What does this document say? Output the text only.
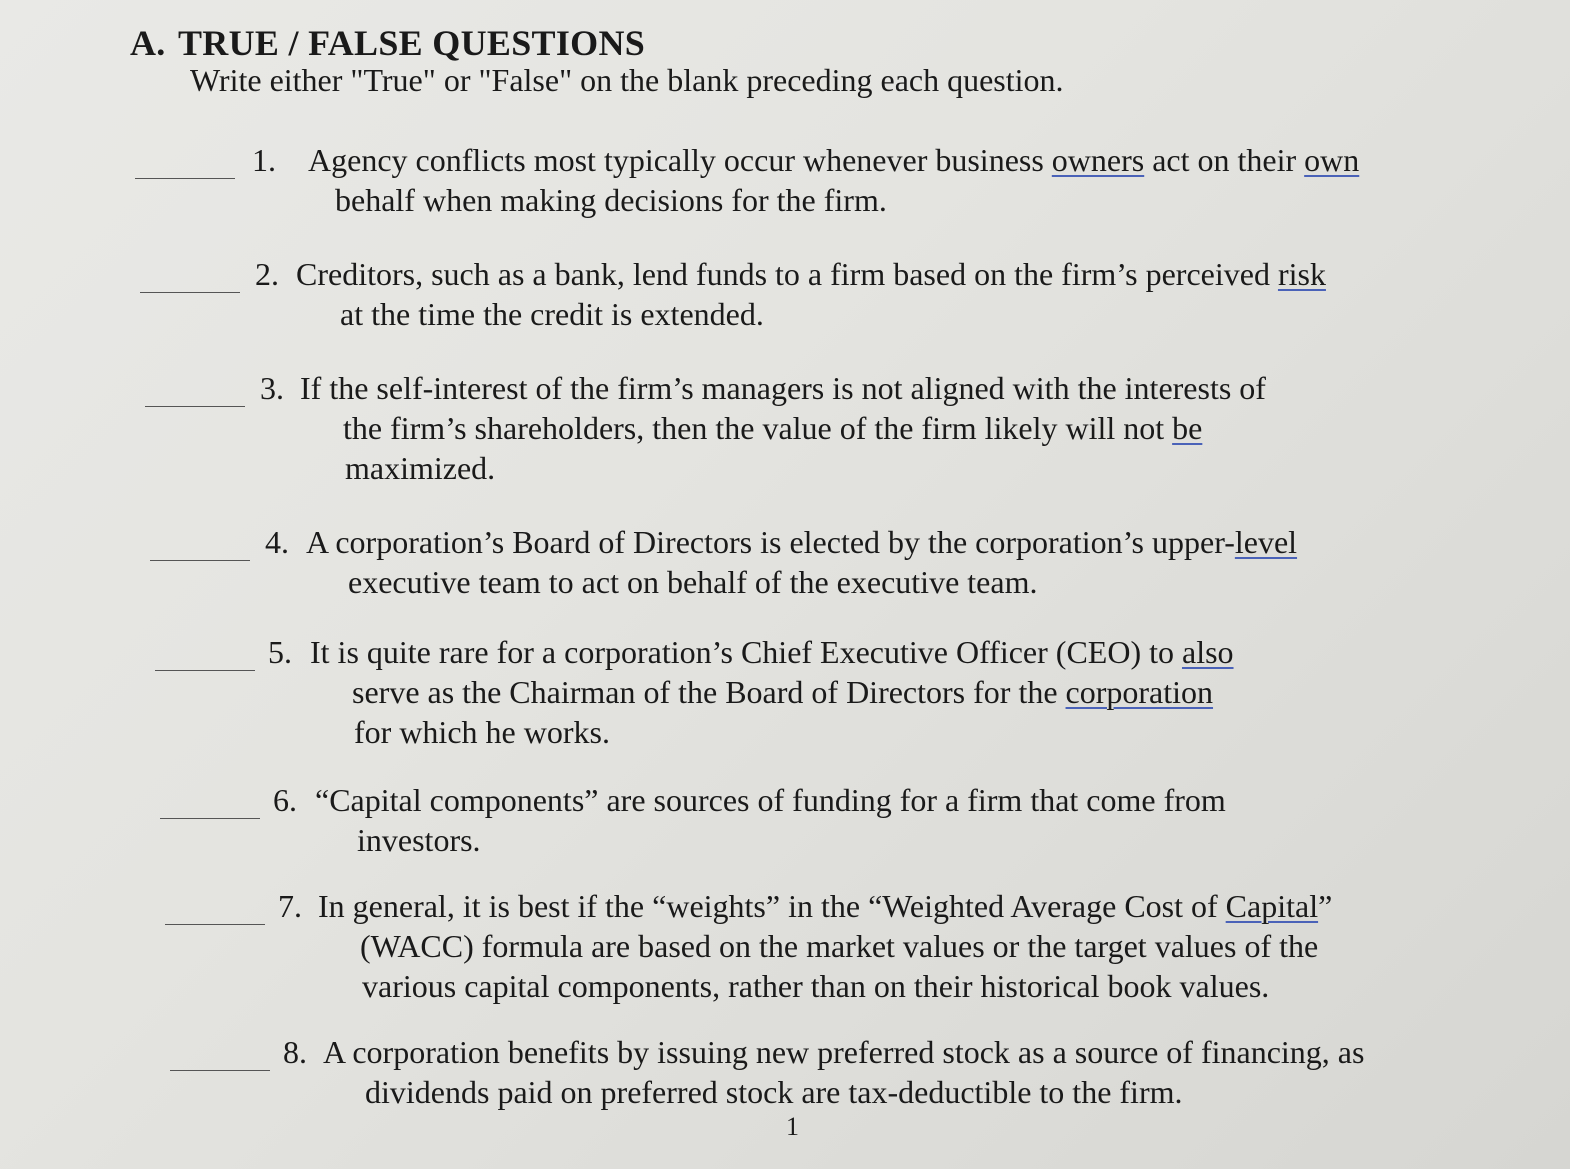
A. TRUE / FALSE QUESTIONS
Write either "True" or "False" on the blank preceding each question.
1. Agency conflicts most typically occur whenever business owners act on their own
behalf when making decisions for the firm.
2. Creditors, such as a bank, lend funds to a firm based on the firm’s perceived risk
at the time the credit is extended.
3. If the self-interest of the firm’s managers is not aligned with the interests of
the firm’s shareholders, then the value of the firm likely will not be
maximized.
4. A corporation’s Board of Directors is elected by the corporation’s upper-level
executive team to act on behalf of the executive team.
5. It is quite rare for a corporation’s Chief Executive Officer (CEO) to also
serve as the Chairman of the Board of Directors for the corporation
for which he works.
6. “Capital components” are sources of funding for a firm that come from
investors.
7. In general, it is best if the “weights” in the “Weighted Average Cost of Capital”
(WACC) formula are based on the market values or the target values of the
various capital components, rather than on their historical book values.
8. A corporation benefits by issuing new preferred stock as a source of financing, as
dividends paid on preferred stock are tax-deductible to the firm.
1
